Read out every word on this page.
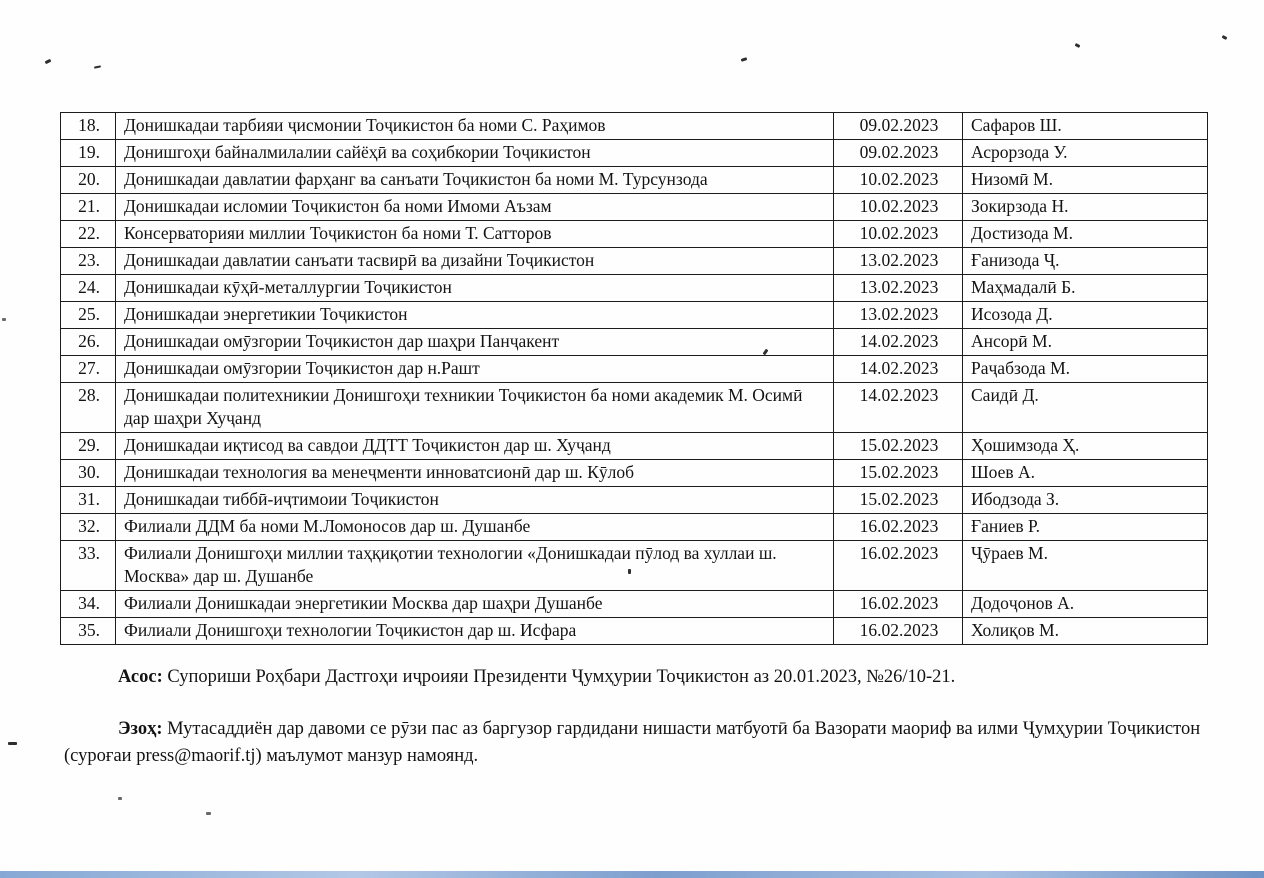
18.	Донишкадаи тарбияи ҷисмонии Тоҷикистон ба номи С. Раҳимов	09.02.2023	Сафаров Ш.
19.	Донишгоҳи байналмилалии сайёҳӣ ва соҳибкории Тоҷикистон	09.02.2023	Асрорзода У.
20.	Донишкадаи давлатии фарҳанг ва санъати Тоҷикистон ба номи М. Турсунзода	10.02.2023	Низомӣ М.
21.	Донишкадаи исломии Тоҷикистон ба номи Имоми Аъзам	10.02.2023	Зокирзода Н.
22.	Консерваторияи миллии Тоҷикистон ба номи Т. Сатторов	10.02.2023	Достизода М.
23.	Донишкадаи давлатии санъати тасвирӣ ва дизайни Тоҷикистон	13.02.2023	Ғанизода Ҷ.
24.	Донишкадаи кӯҳӣ-металлургии Тоҷикистон	13.02.2023	Маҳмадалӣ Б.
25.	Донишкадаи энергетикии Тоҷикистон	13.02.2023	Исозода Д.
26.	Донишкадаи омӯзгории Тоҷикистон дар шаҳри Панҷакент	14.02.2023	Ансорӣ М.
27.	Донишкадаи омӯзгории Тоҷикистон дар н.Рашт	14.02.2023	Раҷабзода М.
28.	Донишкадаи политехникии Донишгоҳи техникии Тоҷикистон ба номи академик М. Осимӣ дар шаҳри Хуҷанд	14.02.2023	Саидӣ Д.
29.	Донишкадаи иқтисод ва савдои ДДТТ Тоҷикистон дар ш. Хуҷанд	15.02.2023	Ҳошимзода Ҳ.
30.	Донишкадаи технология ва менеҷменти инноватсионӣ дар ш. Кӯлоб	15.02.2023	Шоев А.
31.	Донишкадаи тиббӣ-иҷтимоии Тоҷикистон	15.02.2023	Ибодзода З.
32.	Филиали ДДМ ба номи М.Ломоносов дар ш. Душанбе	16.02.2023	Ғаниев Р.
33.	Филиали Донишгоҳи миллии таҳқиқотии технологии «Донишкадаи пӯлод ва хуллаи ш. Москва» дар ш. Душанбе	16.02.2023	Ҷӯраев М.
34.	Филиали Донишкадаи энергетикии Москва дар шаҳри Душанбе	16.02.2023	Додоҷонов А.
35.	Филиали Донишгоҳи технологии Тоҷикистон дар ш. Исфара	16.02.2023	Холиқов М.

Асос: Супориши Роҳбари Дастгоҳи иҷроияи Президенти Ҷумҳурии Тоҷикистон аз 20.01.2023, №26/10-21.

Эзоҳ: Мутасаддиён дар давоми се рӯзи пас аз баргузор гардидани нишасти матбуотӣ ба Вазорати маориф ва илми Ҷумҳурии Тоҷикистон (суроғаи press@maorif.tj) маълумот манзур намоянд.
